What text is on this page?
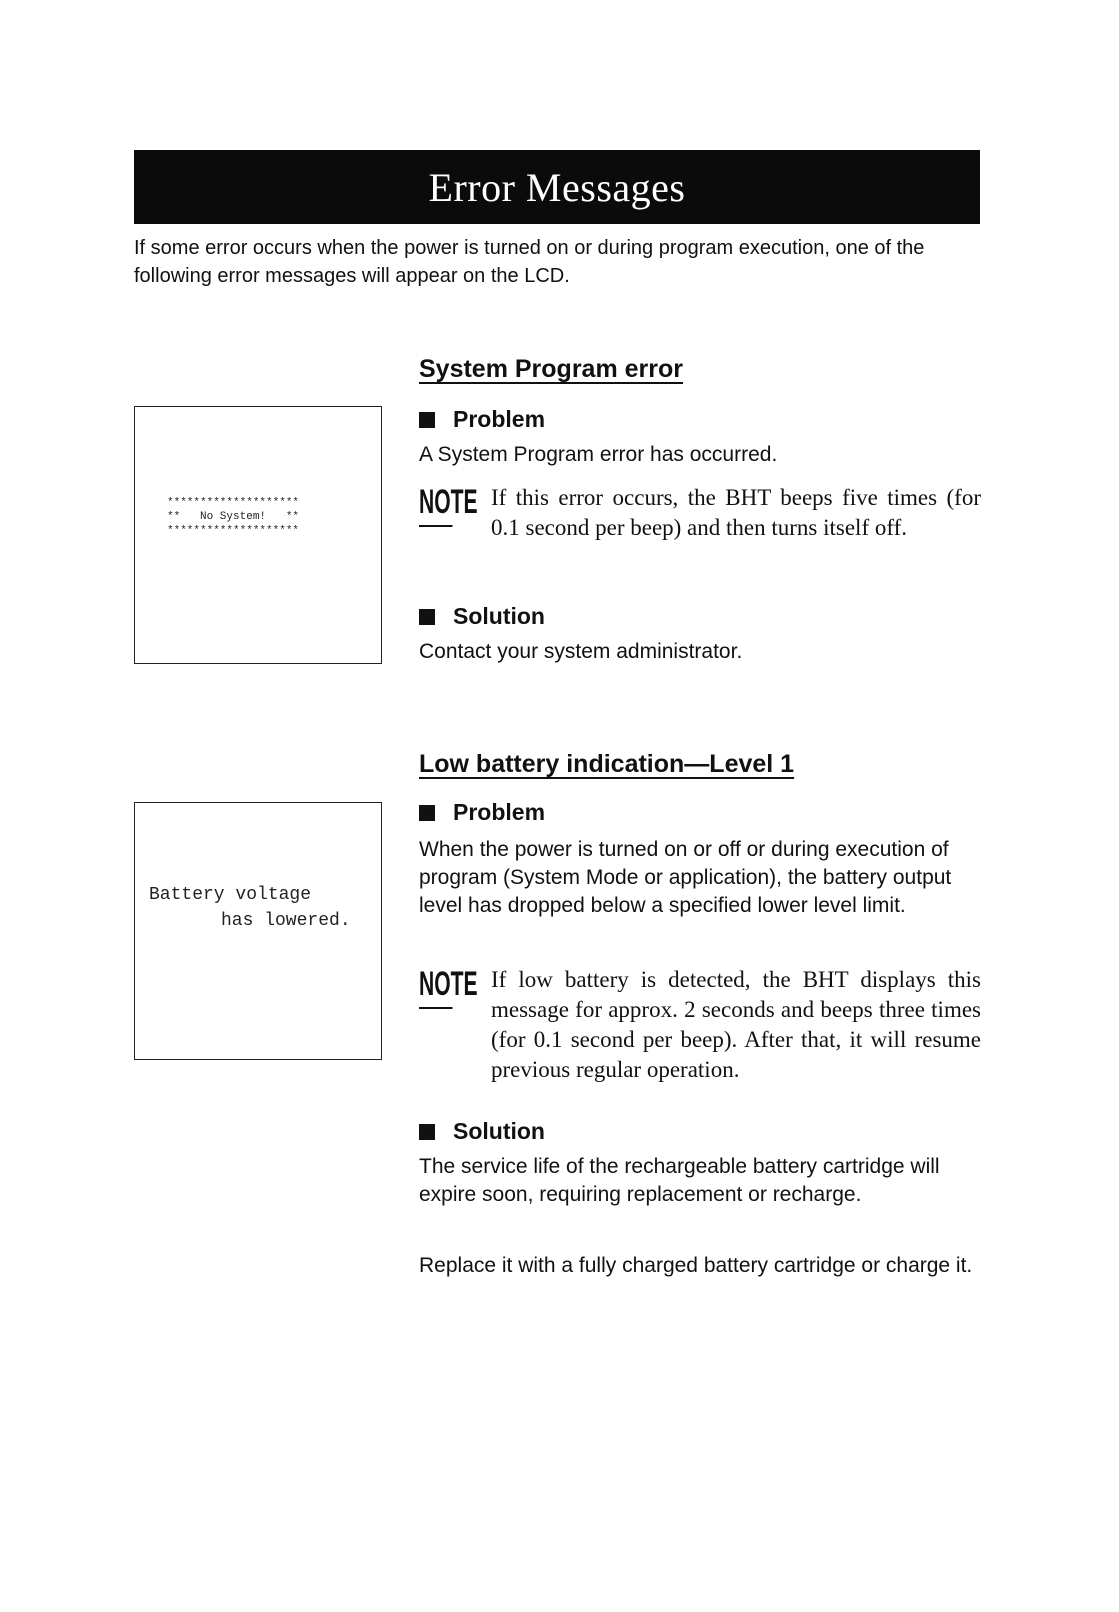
Error Messages

If some error occurs when the power is turned on or during program execution, one of the following error messages will appear on the LCD.

********************
**   No System!   **
********************
System Program error
Problem

A System Program error has occurred.

NOTE If this error occurs, the BHT beeps five times (for 0.1 second per beep) and then turns itself off.
Solution

Contact your system administrator.

Battery voltage
has lowered.
Low battery indication—Level 1
Problem

When the power is turned on or off or during execution of program (System Mode or application), the battery output level has dropped below a specified lower level limit.

NOTE If low battery is detected, the BHT displays this message for approx. 2 seconds and beeps three times (for 0.1 second per beep). After that, it will resume previous regular operation.
Solution

The service life of the rechargeable battery cartridge will expire soon, requiring replacement or recharge.

Replace it with a fully charged battery cartridge or charge it.
